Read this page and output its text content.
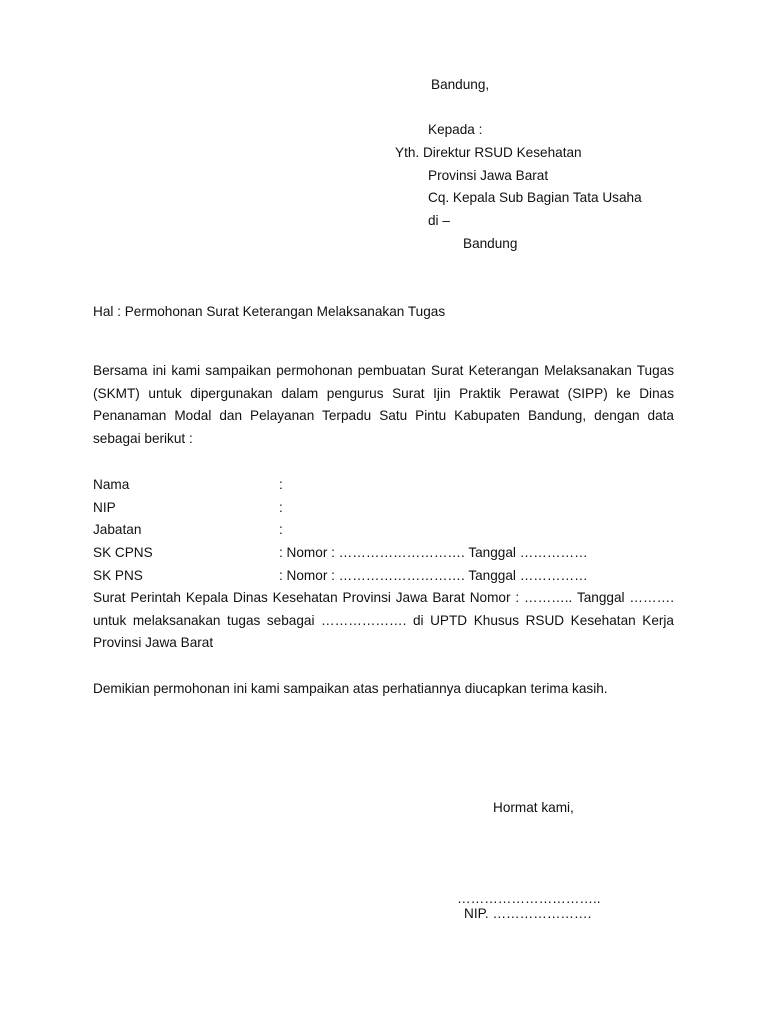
Bandung,
Kepada :
Yth. Direktur RSUD Kesehatan
Provinsi Jawa Barat
Cq. Kepala Sub Bagian Tata Usaha
di –
Bandung
Hal : Permohonan Surat Keterangan Melaksanakan Tugas
Bersama ini kami sampaikan permohonan pembuatan Surat Keterangan Melaksanakan Tugas (SKMT) untuk dipergunakan dalam pengurus Surat Ijin Praktik Perawat (SIPP) ke Dinas Penanaman Modal dan Pelayanan Terpadu Satu Pintu Kabupaten Bandung, dengan data sebagai berikut :
Nama	:
NIP	:
Jabatan	:
SK CPNS	: Nomor : ………………………. Tanggal ……………
SK PNS	: Nomor : ………………………. Tanggal ……………
Surat Perintah Kepala Dinas Kesehatan Provinsi Jawa Barat Nomor : ……….. Tanggal ………. untuk melaksanakan tugas sebagai ………………. di UPTD Khusus RSUD Kesehatan Kerja Provinsi Jawa Barat
Demikian permohonan ini kami sampaikan atas perhatiannya diucapkan terima kasih.
Hormat kami,
…………………………..
NIP. ………………….
